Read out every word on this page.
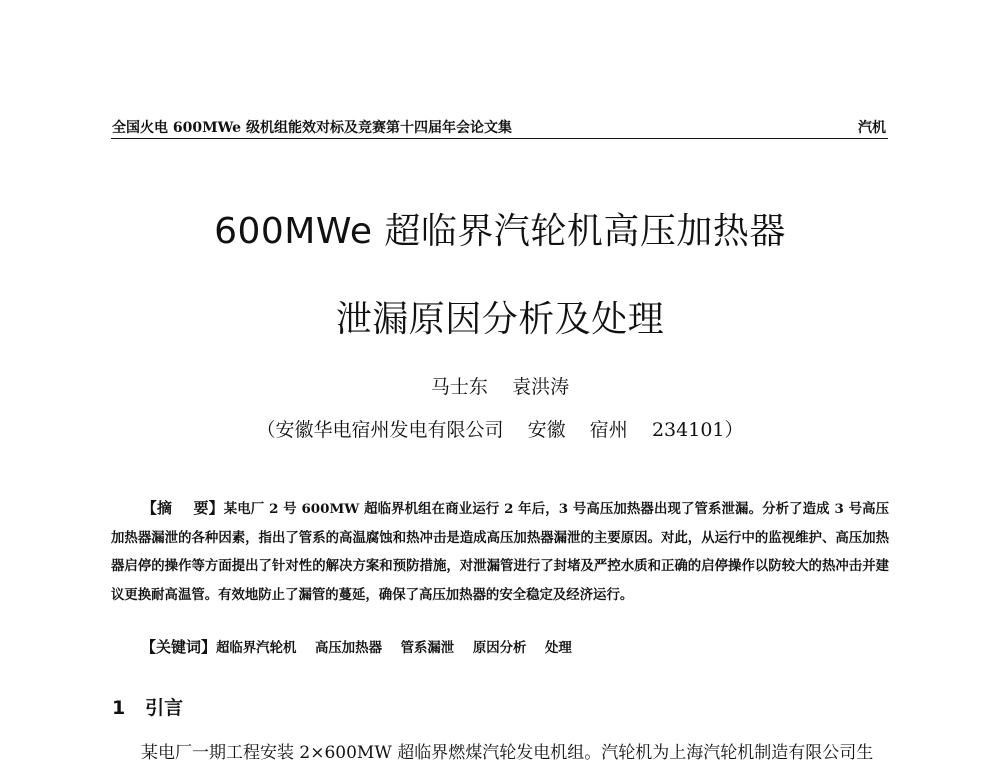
全国火电 600MWe 级机组能效对标及竞赛第十四届年会论文集	汽机
600MWe 超临界汽轮机高压加热器
泄漏原因分析及处理
马士东    袁洪涛
（安徽华电宿州发电有限公司    安徽    宿州    234101）
【摘    要】某电厂 2 号 600MW 超临界机组在商业运行 2 年后，3 号高压加热器出现了管系泄漏。分析了造成 3 号高压加热器漏泄的各种因素，指出了管系的高温腐蚀和热冲击是造成高压加热器漏泄的主要原因。对此，从运行中的监视维护、高压加热器启停的操作等方面提出了针对性的解决方案和预防措施，对泄漏管进行了封堵及严控水质和正确的启停操作以防较大的热冲击并建议更换耐高温管。有效地防止了漏管的蔓延，确保了高压加热器的安全稳定及经济运行。
【关键词】超临界汽轮机    高压加热器    管系漏泄    原因分析    处理
1   引言
某电厂一期工程安装 2×600MW 超临界燃煤汽轮发电机组。汽轮机为上海汽轮机制造有限公司生
